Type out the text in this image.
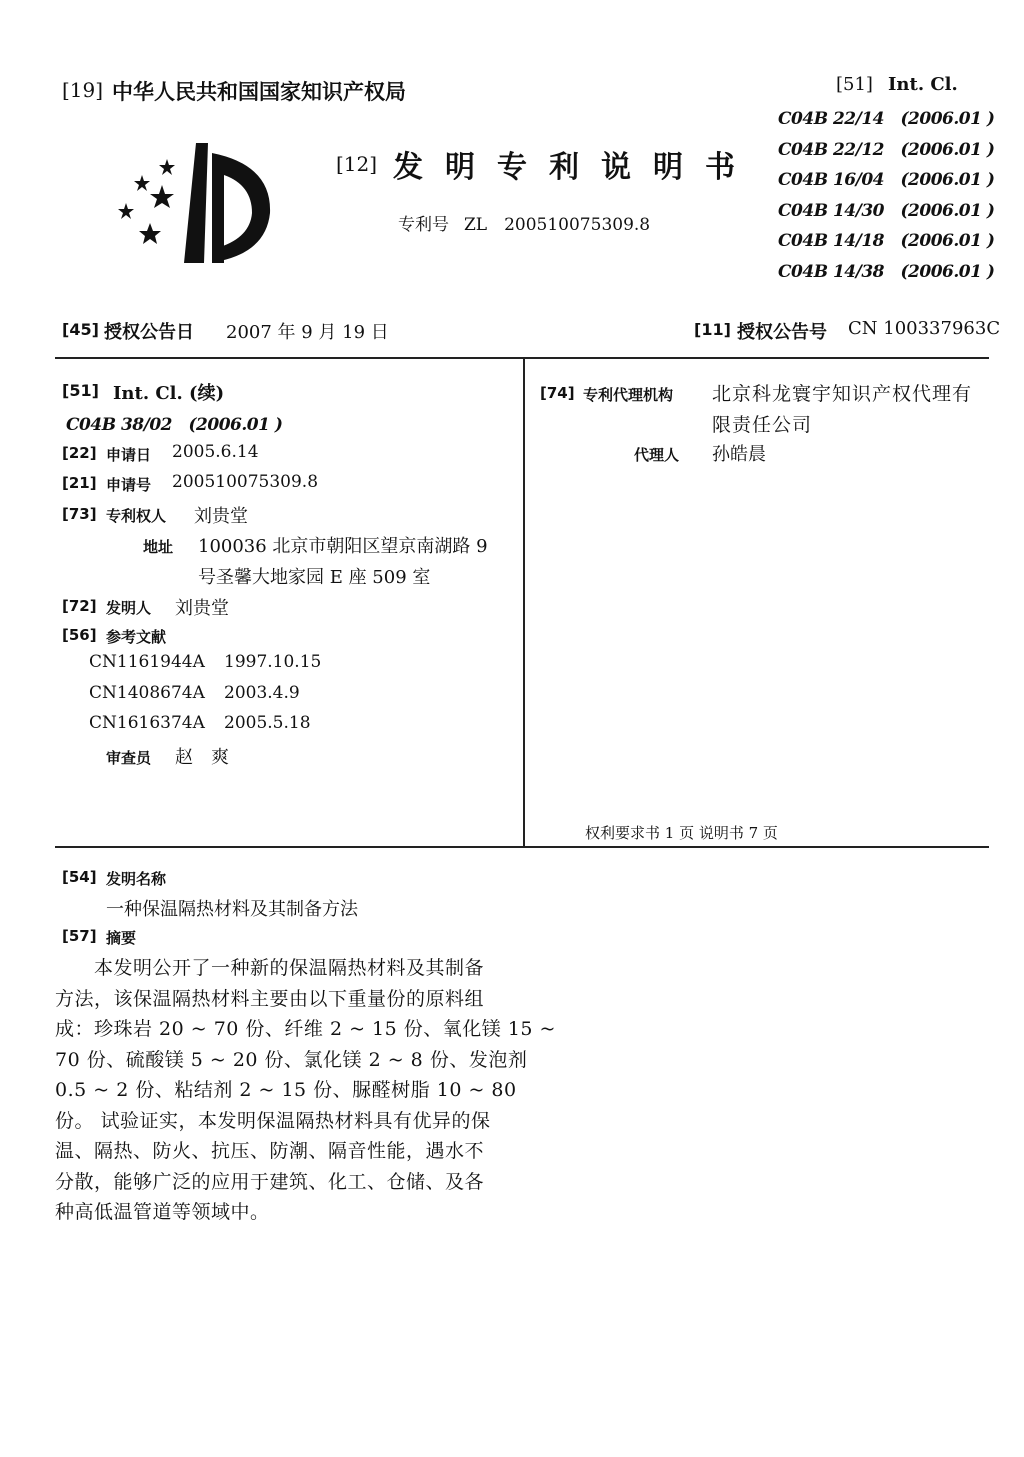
[19] 中华人民共和国国家知识产权局
[12] 发明专利说明书
专利号 ZL　200510075309.8
[51] Int. Cl.
C04B 22/14　(2006.01 )
C04B 22/12　(2006.01 )
C04B 16/04　(2006.01 )
C04B 14/30　(2006.01 )
C04B 14/18　(2006.01 )
C04B 14/38　(2006.01 )
[45] 授权公告日 2007 年 9 月 19 日	[11] 授权公告号 CN 100337963C
[51] Int. Cl. (续)
C04B 38/02　(2006.01 )
[22] 申请日 2005.6.14
[21] 申请号 200510075309.8
[73] 专利权人 刘贵堂
地址 100036 北京市朝阳区望京南湖路 9
号圣馨大地家园 E 座 509 室
[72] 发明人 刘贵堂
[56] 参考文献
CN1161944A 1997.10.15
CN1408674A 2003.4.9
CN1616374A 2005.5.18
审查员 赵　爽
[74] 专利代理机构 北京科龙寰宇知识产权代理有
限责任公司
代理人 孙皓晨
权利要求书 1 页 说明书 7 页
[54] 发明名称
一种保温隔热材料及其制备方法
[57] 摘要
　　本发明公开了一种新的保温隔热材料及其制备
方法，该保温隔热材料主要由以下重量份的原料组
成：珍珠岩 20 ~ 70 份、纤维 2 ~ 15 份、氧化镁 15 ~
70 份、硫酸镁 5 ~ 20 份、氯化镁 2 ~ 8 份、发泡剂
0.5 ~ 2 份、粘结剂 2 ~ 15 份、脲醛树脂 10 ~ 80
份。 试验证实，本发明保温隔热材料具有优异的保
温、隔热、防火、抗压、防潮、隔音性能，遇水不
分散，能够广泛的应用于建筑、化工、仓储、及各
种高低温管道等领域中。
